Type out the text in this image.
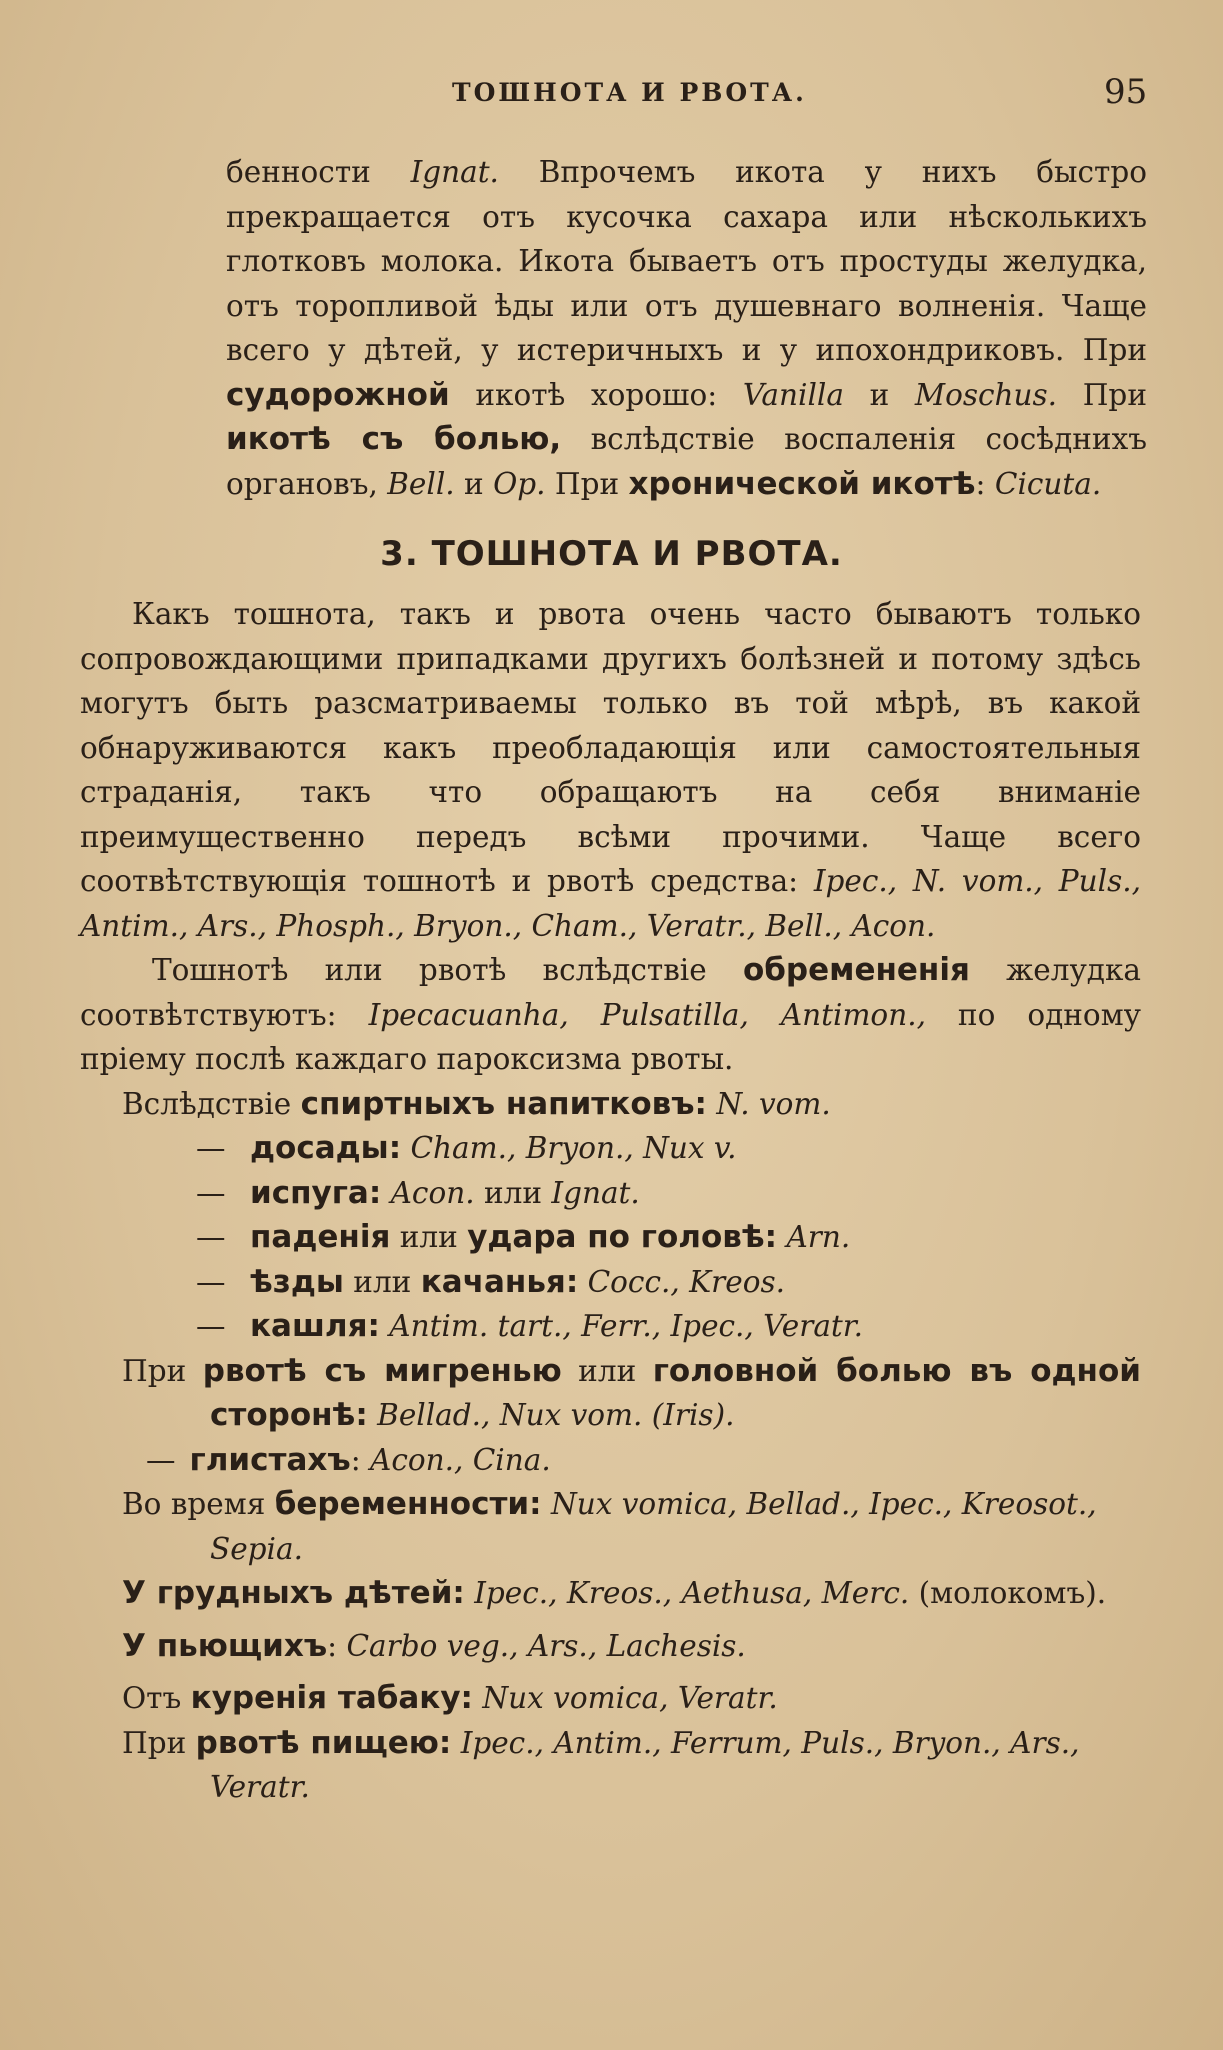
ТОШНОТА И РВОТА.	95

бенности Ignat. Впрочемъ икота у нихъ быстро прекращается отъ кусочка сахара или нѣсколькихъ глотковъ молока. Икота бываетъ отъ простуды желудка, отъ торопливой ѣды или отъ душевнаго волненія. Чаще всего у дѣтей, у истеричныхъ и у ипохондриковъ. При судорожной икотѣ хорошо: Vanilla и Moschus. При икотѣ съ болью, вслѣдствіе воспаленія сосѣднихъ органовъ, Bell. и Op. При хронической икотѣ: Cicuta.

3. ТОШНОТА И РВОТА.

Какъ тошнота, такъ и рвота очень часто бываютъ только сопровождающими припадками другихъ болѣзней и потому здѣсь могутъ быть разсматриваемы только въ той мѣрѣ, въ какой обнаруживаются какъ преобладающія или самостоятельныя страданія, такъ что обращаютъ на себя вниманіе преимущественно передъ всѣми прочими. Чаще всего соотвѣтствующія тошнотѣ и рвотѣ средства: Ipec., N. vom., Puls., Antim., Ars., Phosph., Bryon., Cham., Veratr., Bell., Acon.

Тошнотѣ или рвотѣ вслѣдствіе обремененія желудка соотвѣтствуютъ: Ipecacuanha, Pulsatilla, Antimon., по одному пріему послѣ каждаго пароксизма рвоты.

Вслѣдствіе спиртныхъ напитковъ: N. vom.
— досады: Cham., Bryon., Nux v.
— испуга: Acon. или Ignat.
— паденія или удара по головѣ: Arn.
— ѣзды или качанья: Cocc., Kreos.
— кашля: Antim. tart., Ferr., Ipec., Veratr.

При рвотѣ съ мигренью или головной болью въ одной сторонѣ: Bellad., Nux vom. (Iris).

— глистахъ: Acon., Cina.

Во время беременности: Nux vomica, Bellad., Ipec., Kreosot., Sepia.

У грудныхъ дѣтей: Ipec., Kreos., Aethusa, Merc. (молокомъ).

У пьющихъ: Carbo veg., Ars., Lachesis.
Отъ куренія табаку: Nux vomica, Veratr.

При рвотѣ пищею: Ipec., Antim., Ferrum, Puls., Bryon., Ars., Veratr.
